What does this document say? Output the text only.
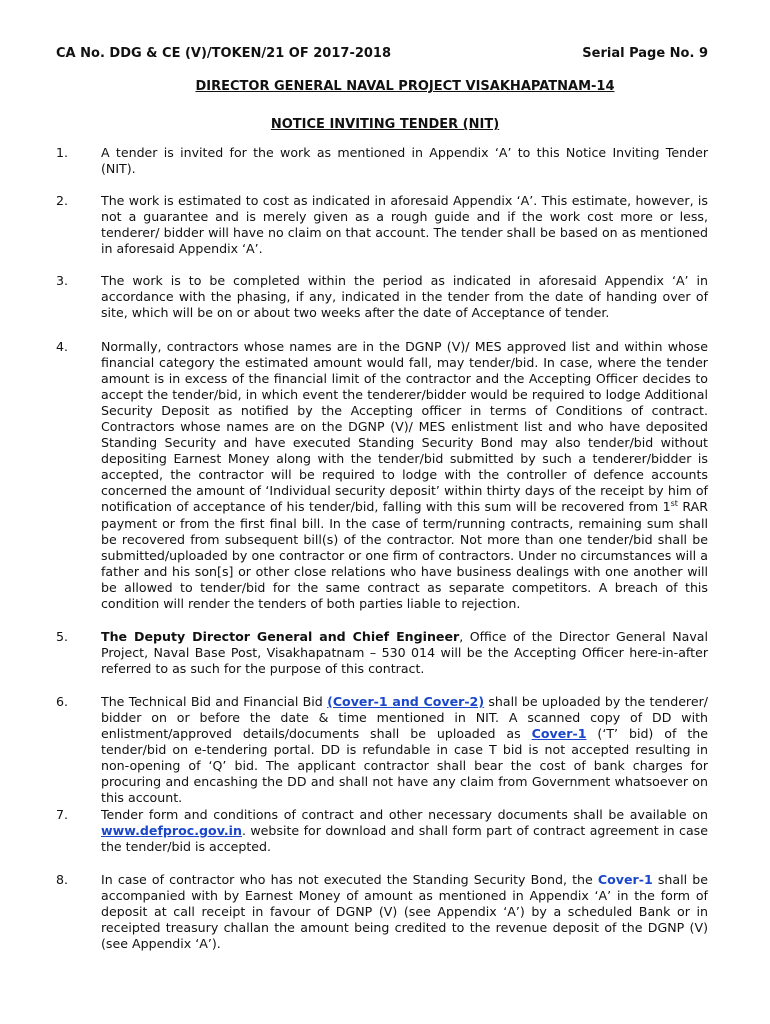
CA No. DDG & CE (V)/TOKEN/21 OF 2017-2018	Serial Page No. 9
DIRECTOR GENERAL NAVAL PROJECT VISAKHAPATNAM-14
NOTICE INVITING TENDER (NIT)
1.	A tender is invited for the work as mentioned in Appendix ‘A’ to this Notice Inviting Tender (NIT).
2.	The work is estimated to cost as indicated in aforesaid Appendix ‘A’. This estimate, however, is not a guarantee and is merely given as a rough guide and if the work cost more or less, tenderer/ bidder will have no claim on that account. The tender shall be based on as mentioned in aforesaid Appendix ‘A’.
3.	The work is to be completed within the period as indicated in aforesaid Appendix ‘A’ in accordance with the phasing, if any, indicated in the tender from the date of handing over of site, which will be on or about two weeks after the date of Acceptance of tender.
4.	Normally, contractors whose names are in the DGNP (V)/ MES approved list and within whose financial category the estimated amount would fall, may tender/bid. In case, where the tender amount is in excess of the financial limit of the contractor and the Accepting Officer decides to accept the tender/bid, in which event the tenderer/bidder would be required to lodge Additional Security Deposit as notified by the Accepting officer in terms of Conditions of contract. Contractors whose names are on the DGNP (V)/ MES enlistment list and who have deposited Standing Security and have executed Standing Security Bond may also tender/bid without depositing Earnest Money along with the tender/bid submitted by such a tenderer/bidder is accepted, the contractor will be required to lodge with the controller of defence accounts concerned the amount of ‘Individual security deposit’ within thirty days of the receipt by him of notification of acceptance of his tender/bid, falling with this sum will be recovered from 1st RAR payment or from the first final bill. In the case of term/running contracts, remaining sum shall be recovered from subsequent bill(s) of the contractor. Not more than one tender/bid shall be submitted/uploaded by one contractor or one firm of contractors. Under no circumstances will a father and his son[s] or other close relations who have business dealings with one another will be allowed to tender/bid for the same contract as separate competitors. A breach of this condition will render the tenders of both parties liable to rejection.
5.	The Deputy Director General and Chief Engineer, Office of the Director General Naval Project, Naval Base Post, Visakhapatnam – 530 014 will be the Accepting Officer here-in-after referred to as such for the purpose of this contract.
6.	The Technical Bid and Financial Bid (Cover-1 and Cover-2) shall be uploaded by the tenderer/ bidder on or before the date & time mentioned in NIT. A scanned copy of DD with enlistment/approved details/documents shall be uploaded as Cover-1 (‘T’ bid) of the tender/bid on e-tendering portal. DD is refundable in case T bid is not accepted resulting in non-opening of ‘Q’ bid. The applicant contractor shall bear the cost of bank charges for procuring and encashing the DD and shall not have any claim from Government whatsoever on this account.
7.	Tender form and conditions of contract and other necessary documents shall be available on www.defproc.gov.in. website for download and shall form part of contract agreement in case the tender/bid is accepted.
8.	In case of contractor who has not executed the Standing Security Bond, the Cover-1 shall be accompanied with by Earnest Money of amount as mentioned in Appendix ‘A’ in the form of deposit at call receipt in favour of DGNP (V) (see Appendix ‘A’) by a scheduled Bank or in receipted treasury challan the amount being credited to the revenue deposit of the DGNP (V) (see Appendix ‘A’).
